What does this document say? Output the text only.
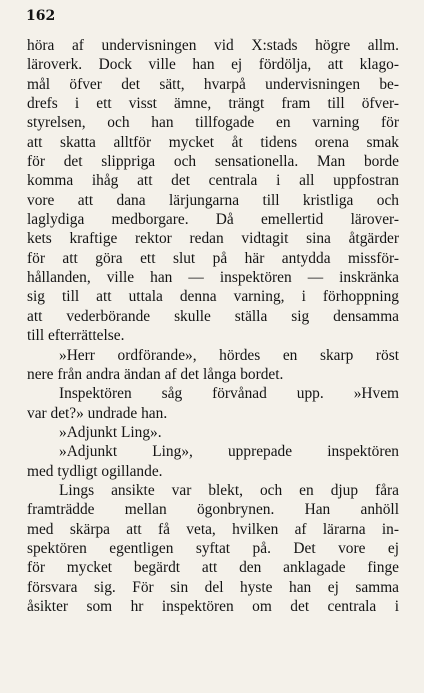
162
höra af undervisningen vid X:stads högre allm.
läroverk. Dock ville han ej fördölja, att klago-
mål öfver det sätt, hvarpå undervisningen be-
drefs i ett visst ämne, trängt fram till öfver-
styrelsen, och han tillfogade en varning för
att skatta alltför mycket åt tidens orena smak
för det slippriga och sensationella. Man borde
komma ihåg att det centrala i all uppfostran
vore att dana lärjungarna till kristliga och
laglydiga medborgare. Då emellertid lärover-
kets kraftige rektor redan vidtagit sina åtgärder
för att göra ett slut på här antydda missför-
hållanden, ville han — inspektören — inskränka
sig till att uttala denna varning, i förhoppning
att vederbörande skulle ställa sig densamma
till efterrättelse.
»Herr ordförande», hördes en skarp röst
nere från andra ändan af det långa bordet.
Inspektören såg förvånad upp. »Hvem
var det?» undrade han.
»Adjunkt Ling».
»Adjunkt Ling», upprepade inspektören
med tydligt ogillande.
Lings ansikte var blekt, och en djup fåra
framträdde mellan ögonbrynen. Han anhöll
med skärpa att få veta, hvilken af lärarna in-
spektören egentligen syftat på. Det vore ej
för mycket begärdt att den anklagade finge
försvara sig. För sin del hyste han ej samma
åsikter som hr inspektören om det centrala i
